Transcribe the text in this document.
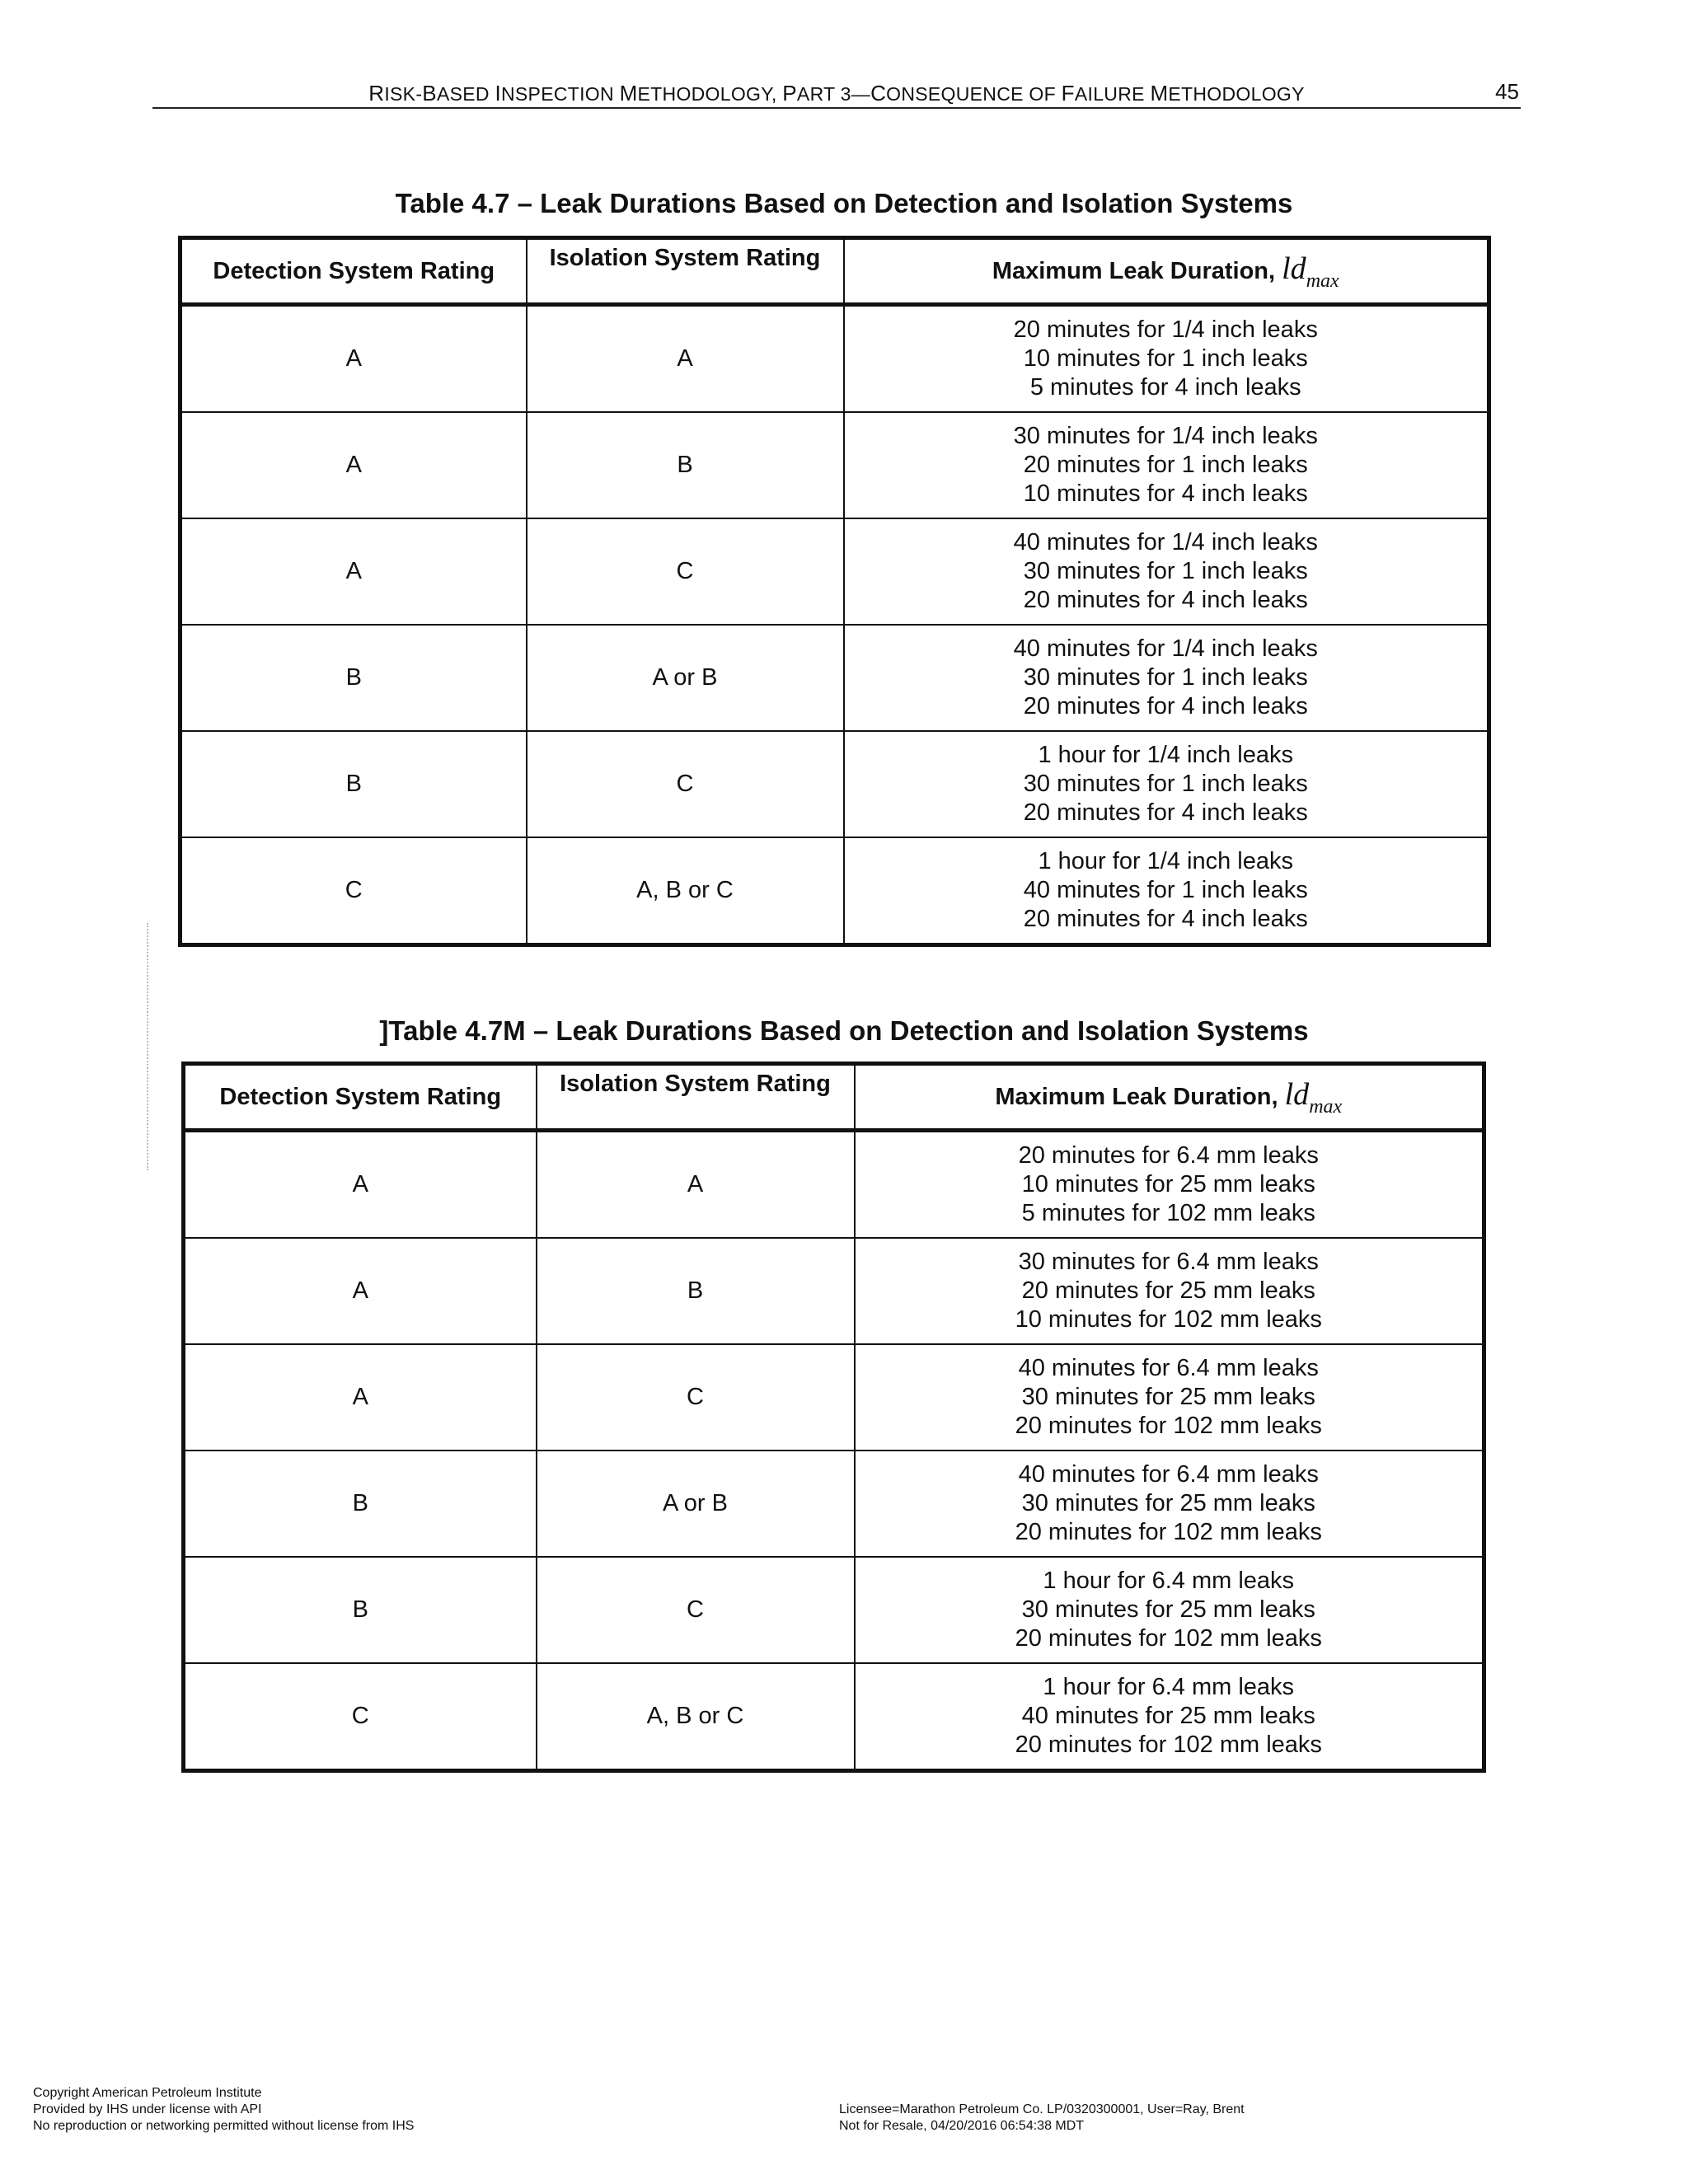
RISK-BASED INSPECTION METHODOLOGY, PART 3—CONSEQUENCE OF FAILURE METHODOLOGY	45
Table 4.7 – Leak Durations Based on Detection and Isolation Systems
Detection System Rating	Isolation System Rating	Maximum Leak Duration, $ld_{max}$
A	A	20 minutes for 1/4 inch leaks
10 minutes for 1 inch leaks
5 minutes for 4 inch leaks

A	B	30 minutes for 1/4 inch leaks
20 minutes for 1 inch leaks
10 minutes for 4 inch leaks

A	C	40 minutes for 1/4 inch leaks
30 minutes for 1 inch leaks
20 minutes for 4 inch leaks

B	A or B	40 minutes for 1/4 inch leaks
30 minutes for 1 inch leaks
20 minutes for 4 inch leaks

B	C	1 hour for 1/4 inch leaks
30 minutes for 1 inch leaks
20 minutes for 4 inch leaks

C	A, B or C	1 hour for 1/4 inch leaks
40 minutes for 1 inch leaks
20 minutes for 4 inch leaks
]Table 4.7M – Leak Durations Based on Detection and Isolation Systems
Detection System Rating	Isolation System Rating	Maximum Leak Duration, $ld_{max}$
A	A	20 minutes for 6.4 mm leaks
10 minutes for 25 mm leaks
5 minutes for 102 mm leaks

A	B	30 minutes for 6.4 mm leaks
20 minutes for 25 mm leaks
10 minutes for 102 mm leaks

A	C	40 minutes for 6.4 mm leaks
30 minutes for 25 mm leaks
20 minutes for 102 mm leaks

B	A or B	40 minutes for 6.4 mm leaks
30 minutes for 25 mm leaks
20 minutes for 102 mm leaks

B	C	1 hour for 6.4 mm leaks
30 minutes for 25 mm leaks
20 minutes for 102 mm leaks

C	A, B or C	1 hour for 6.4 mm leaks
40 minutes for 25 mm leaks
20 minutes for 102 mm leaks
Copyright American Petroleum Institute
Provided by IHS under license with API
No reproduction or networking permitted without license from IHS
Licensee=Marathon Petroleum Co. LP/0320300001, User=Ray, Brent
Not for Resale, 04/20/2016 06:54:38 MDT
